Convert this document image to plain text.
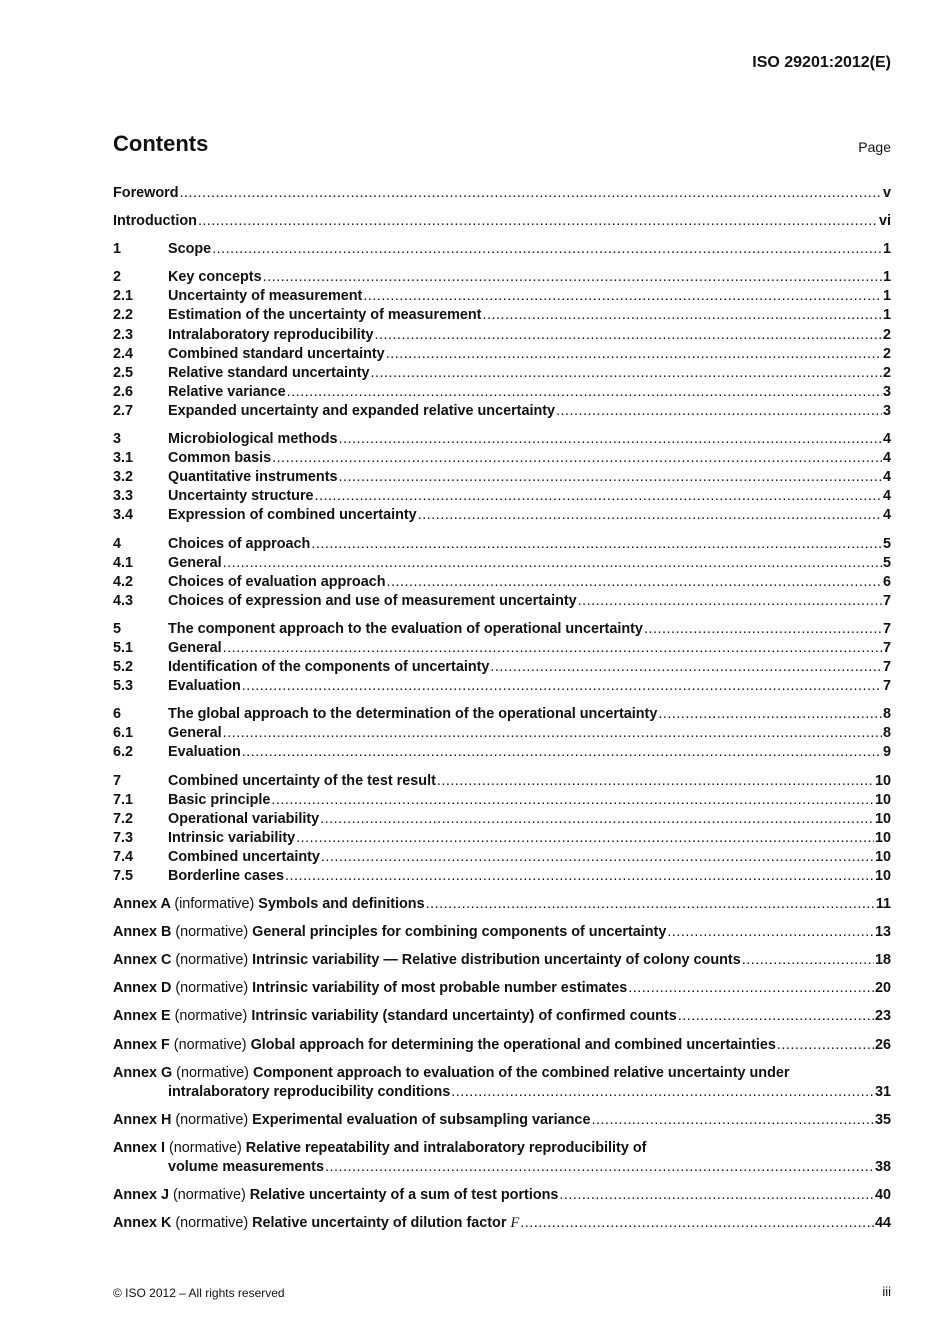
ISO 29201:2012(E)
Contents	Page
Foreword .....	v
Introduction .....	vi
1	Scope .....	1
2	Key concepts .....	1
2.1	Uncertainty of measurement .....	1
2.2	Estimation of the uncertainty of measurement .....	1
2.3	Intralaboratory reproducibility .....	2
2.4	Combined standard uncertainty .....	2
2.5	Relative standard uncertainty .....	2
2.6	Relative variance .....	3
2.7	Expanded uncertainty and expanded relative uncertainty .....	3
3	Microbiological methods .....	4
3.1	Common basis .....	4
3.2	Quantitative instruments .....	4
3.3	Uncertainty structure .....	4
3.4	Expression of combined uncertainty .....	4
4	Choices of approach .....	5
4.1	General .....	5
4.2	Choices of evaluation approach .....	6
4.3	Choices of expression and use of measurement uncertainty .....	7
5	The component approach to the evaluation of operational uncertainty .....	7
5.1	General .....	7
5.2	Identification of the components of uncertainty .....	7
5.3	Evaluation .....	7
6	The global approach to the determination of the operational uncertainty .....	8
6.1	General .....	8
6.2	Evaluation .....	9
7	Combined uncertainty of the test result .....	10
7.1	Basic principle .....	10
7.2	Operational variability .....	10
7.3	Intrinsic variability .....	10
7.4	Combined uncertainty .....	10
7.5	Borderline cases .....	10
Annex A (informative) Symbols and definitions .....	11
Annex B (normative) General principles for combining components of uncertainty .....	13
Annex C (normative) Intrinsic variability — Relative distribution uncertainty of colony counts .....	18
Annex D (normative) Intrinsic variability of most probable number estimates .....	20
Annex E (normative) Intrinsic variability (standard uncertainty) of confirmed counts .....	23
Annex F (normative) Global approach for determining the operational and combined uncertainties .....	26
Annex G (normative) Component approach to evaluation of the combined relative uncertainty under
intralaboratory reproducibility conditions .....	31
Annex H (normative) Experimental evaluation of subsampling variance .....	35
Annex I (normative) Relative repeatability and intralaboratory reproducibility of
volume measurements .....	38
Annex J (normative) Relative uncertainty of a sum of test portions .....	40
Annex K (normative) Relative uncertainty of dilution factor F .....	44
© ISO 2012 – All rights reserved	iii
